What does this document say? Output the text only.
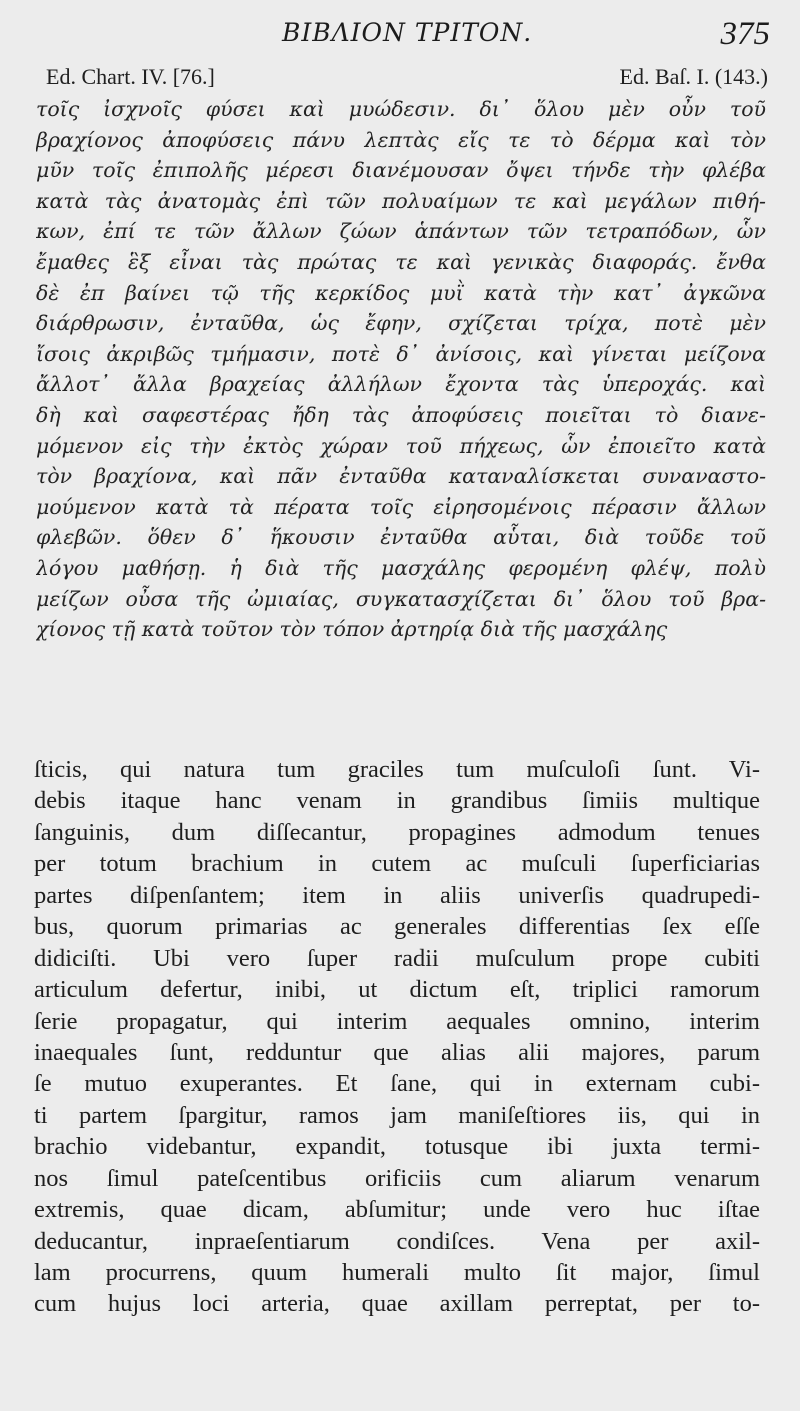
ΒΙΒΛΙΟΝ ΤΡΙΤΟΝ.	375
Ed. Chart. IV. [76.]	Ed. Baſ. I. (143.)
τοῖς ἰσχνοῖς φύσει καὶ μυώδεσιν. δι᾽ ὅλου μὲν οὖν τοῦ
βραχίονος ἀποφύσεις πάνυ λεπτὰς εἴς τε τὸ δέρμα καὶ τὸν
μῦν τοῖς ἐπιπολῆς μέρεσι διανέμουσαν ὄψει τήνδε τὴν φλέβα
κατὰ τὰς ἀνατομὰς ἐπὶ τῶν πολυαίμων τε καὶ μεγάλων πιθή-
κων, ἐπί τε τῶν ἄλλων ζώων ἁπάντων τῶν τετραπόδων, ὧν
ἔμαθες ἓξ εἶναι τὰς πρώτας τε καὶ γενικὰς διαφοράς. ἔνθα
δὲ ἐπ βαίνει τῷ τῆς κερκίδος μυῒ κατὰ τὴν κατ᾽ ἀγκῶνα
διάρθρωσιν, ἐνταῦθα, ὡς ἔφην, σχίζεται τρίχα, ποτὲ μὲν
ἴσοις ἀκριβῶς τμήμασιν, ποτὲ δ᾽ ἀνίσοις, καὶ γίνεται μείζονα
ἄλλοτ᾽ ἄλλα βραχείας ἀλλήλων ἔχοντα τὰς ὑπεροχάς. καὶ
δὴ καὶ σαφεστέρας ἤδη τὰς ἀποφύσεις ποιεῖται τὸ διανε-
μόμενον εἰς τὴν ἐκτὸς χώραν τοῦ πήχεως, ὧν ἐποιεῖτο κατὰ
τὸν βραχίονα, καὶ πᾶν ἐνταῦθα καταναλίσκεται συναναστο-
μούμενον κατὰ τὰ πέρατα τοῖς εἰρησομένοις πέρασιν ἄλλων
φλεβῶν. ὅθεν δ᾽ ἥκουσιν ἐνταῦθα αὗται, διὰ τοῦδε τοῦ
λόγου μαθήσῃ. ἡ διὰ τῆς μασχάλης φερομένη φλέψ, πολὺ
μείζων οὖσα τῆς ὠμιαίας, συγκατασχίζεται δι᾽ ὅλου τοῦ βρα-
χίονος τῇ κατὰ τοῦτον τὸν τόπον ἀρτηρίᾳ διὰ τῆς μασχάλης
ſticis, qui natura tum graciles tum muſculoſi ſunt. Vi-
debis itaque hanc venam in grandibus ſimiis multique
ſanguinis, dum diſſecantur, propagines admodum tenues
per totum brachium in cutem ac muſculi ſuperficiarias
partes diſpenſantem; item in aliis univerſis quadrupedi-
bus, quorum primarias ac generales differentias ſex eſſe
didiciſti. Ubi vero ſuper radii muſculum prope cubiti
articulum defertur, inibi, ut dictum eſt, triplici ramorum
ſerie propagatur, qui interim aequales omnino, interim
inaequales ſunt, redduntur que alias alii majores, parum
ſe mutuo exuperantes. Et ſane, qui in externam cubi-
ti partem ſpargitur, ramos jam maniſeſtiores iis, qui in
brachio videbantur, expandit, totusque ibi juxta termi-
nos ſimul pateſcentibus orificiis cum aliarum venarum
extremis, quae dicam, abſumitur; unde vero huc iſtae
deducantur, inpraeſentiarum condiſces. Vena per axil-
lam procurrens, quum humerali multo ſit major, ſimul
cum hujus loci arteria, quae axillam perreptat, per to-
